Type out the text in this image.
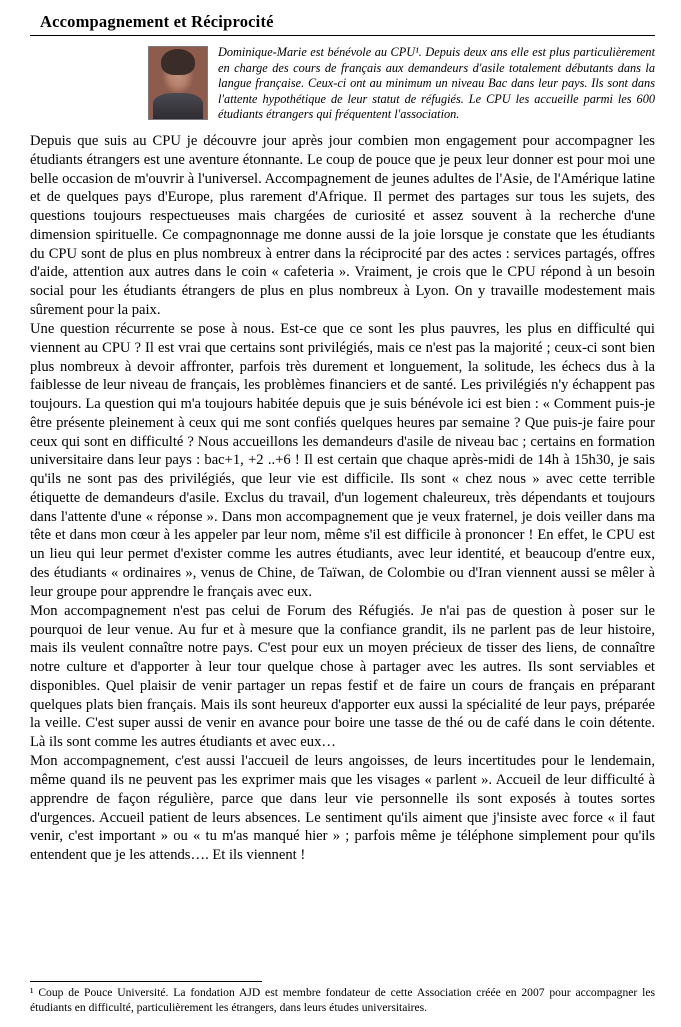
Accompagnement et Réciprocité
Dominique-Marie est bénévole au CPU¹. Depuis deux ans elle est plus particulièrement en charge des cours de français aux demandeurs d'asile totalement débutants dans la langue française. Ceux-ci ont au minimum un niveau Bac dans leur pays. Ils sont dans l'attente hypothétique de leur statut de réfugiés. Le CPU les accueille parmi les 600 étudiants étrangers qui fréquentent l'association.

Depuis que suis au CPU je découvre jour après jour combien mon engagement pour accompagner les étudiants étrangers est une aventure étonnante. Le coup de pouce que je peux leur donner est pour moi une belle occasion de m'ouvrir à l'universel. Accompagnement de jeunes adultes de l'Asie, de l'Amérique latine et de quelques pays d'Europe, plus rarement d'Afrique. Il permet des partages sur tous les sujets, des questions toujours respectueuses mais chargées de curiosité et assez souvent à la recherche d'une dimension spirituelle. Ce compagnonnage me donne aussi de la joie lorsque je constate que les étudiants du CPU sont de plus en plus nombreux à entrer dans la réciprocité par des actes : services partagés, offres d'aide, attention aux autres dans le coin « cafeteria ». Vraiment, je crois que le CPU répond à un besoin social pour les étudiants étrangers de plus en plus nombreux à Lyon. On y travaille modestement mais sûrement pour la paix.

Une question récurrente se pose à nous. Est-ce que ce sont les plus pauvres, les plus en difficulté qui viennent au CPU ? Il est vrai que certains sont privilégiés, mais ce n'est pas la majorité ; ceux-ci sont bien plus nombreux à devoir affronter, parfois très durement et longuement, la solitude, les échecs dus à la faiblesse de leur niveau de français, les problèmes financiers et de santé. Les privilégiés n'y échappent pas toujours. La question qui m'a toujours habitée depuis que je suis bénévole ici est bien : « Comment puis-je être présente pleinement à ceux qui me sont confiés quelques heures par semaine ? Que puis-je faire pour ceux qui sont en difficulté ? Nous accueillons les demandeurs d'asile de niveau bac ; certains en formation universitaire dans leur pays : bac+1, +2 ..+6 ! Il est certain que chaque après-midi de 14h à 15h30, je sais qu'ils ne sont pas des privilégiés, que leur vie est difficile. Ils sont « chez nous » avec cette terrible étiquette de demandeurs d'asile. Exclus du travail, d'un logement chaleureux, très dépendants et toujours dans l'attente d'une « réponse ». Dans mon accompagnement que je veux fraternel, je dois veiller dans ma tête et dans mon cœur à les appeler par leur nom, même s'il est difficile à prononcer ! En effet, le CPU est un lieu qui leur permet d'exister comme les autres étudiants, avec leur identité, et beaucoup d'entre eux, des étudiants « ordinaires », venus de Chine, de Taïwan, de Colombie ou d'Iran viennent aussi se mêler à leur groupe pour apprendre le français avec eux.

Mon accompagnement n'est pas celui de Forum des Réfugiés. Je n'ai pas de question à poser sur le pourquoi de leur venue. Au fur et à mesure que la confiance grandit, ils ne parlent pas de leur histoire, mais ils veulent connaître notre pays. C'est pour eux un moyen précieux de tisser des liens, de connaître notre culture et d'apporter à leur tour quelque chose à partager avec les autres. Ils sont serviables et disponibles. Quel plaisir de venir partager un repas festif et de faire un cours de français en préparant quelques plats bien français. Mais ils sont heureux d'apporter eux aussi la spécialité de leur pays, préparée la veille. C'est super aussi de venir en avance pour boire une tasse de thé ou de café dans le coin détente. Là ils sont comme les autres étudiants et avec eux…

Mon accompagnement, c'est aussi l'accueil de leurs angoisses, de leurs incertitudes pour le lendemain, même quand ils ne peuvent pas les exprimer mais que les visages « parlent ». Accueil de leur difficulté à apprendre de façon régulière, parce que dans leur vie personnelle ils sont exposés à toutes sortes d'urgences. Accueil patient de leurs absences. Le sentiment qu'ils aiment que j'insiste avec force « il faut venir, c'est important » ou « tu m'as manqué hier » ; parfois même je téléphone simplement pour qu'ils entendent que je les attends…. Et ils viennent !

¹ Coup de Pouce Université. La fondation AJD est membre fondateur de cette Association créée en 2007 pour accompagner les étudiants en difficulté, particulièrement les étrangers, dans leurs études universitaires.
